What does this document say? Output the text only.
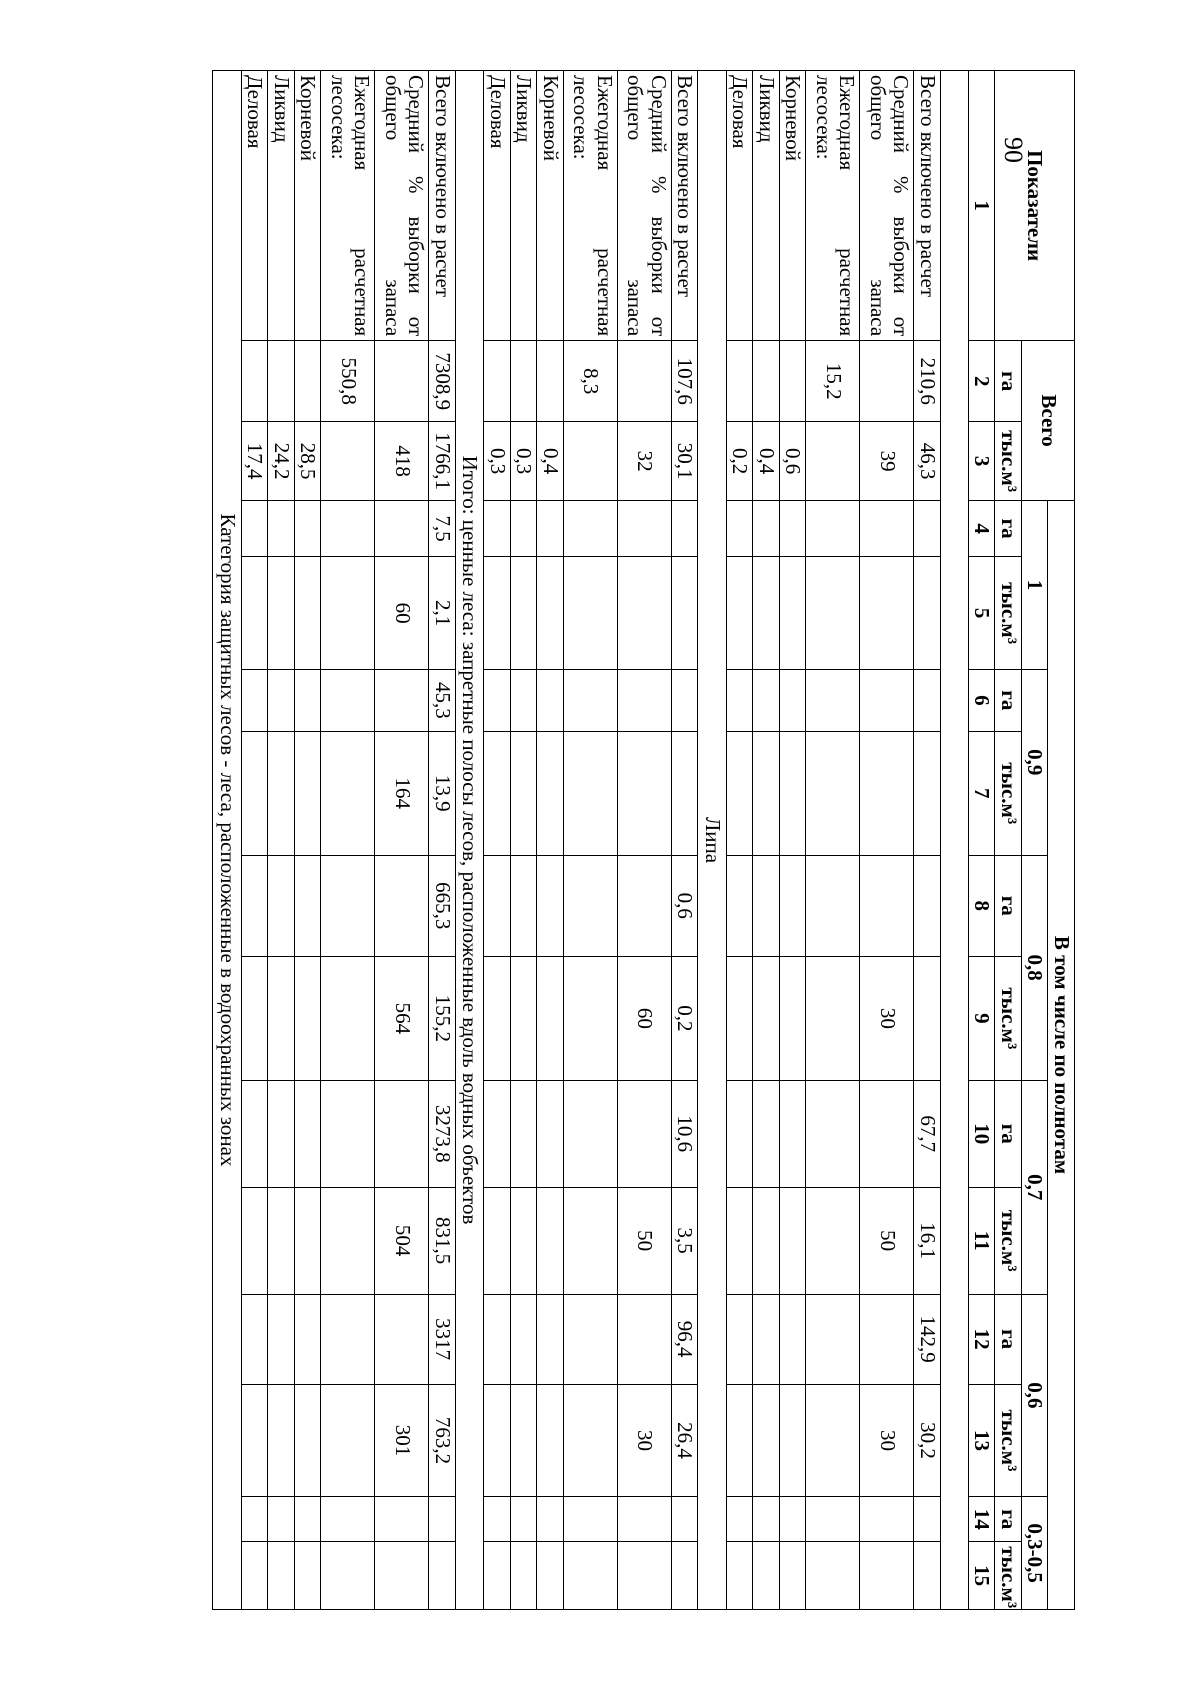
90
Показатели	Всего		В том числе по полнотам											
			1		0,9		0,8		0,7		0,6		0,3-0,5	
	га	тыс.м³	га	тыс.м³	га	тыс.м³	га	тыс.м³	га	тыс.м³	га	тыс.м³	га	тыс.м³
1	2	3	4	5	6	7	8	9	10	11	12	13	14	15

Всего включено в расчет	210,6	46,3							67,7	16,1	142,9	30,2		
Средний % выборки от общего запаса		39						30		50		30		
Ежегодная расчетная лесосека:	15,2													
Корневой		0,6												
Ликвид		0,4												
Деловая		0,2												
Липа														
Всего включено в расчет	107,6	30,1					0,6	0,2	10,6	3,5	96,4	26,4		
Средний % выборки от общего запаса		32						60		50		30		
Ежегодная расчетная лесосека:	8,3													
Корневой		0,4												
Ликвид		0,3												
Деловая		0,3												
Итого: ценные леса: запретные полосы лесов, расположенные вдоль водных объектов														
Всего включено в расчет	7308,9	1766,1	7,5	2,1	45,3	13,9	665,3	155,2	3273,8	831,5	3317	763,2		
Средний % выборки от общего запаса		418		60		164		564		504		301		
Ежегодная расчетная лесосека:	550,8													
Корневой		28,5												
Ликвид		24,2												
Деловая		17,4												
Категория защитных лесов - леса, расположенные в водоохранных зонах														
